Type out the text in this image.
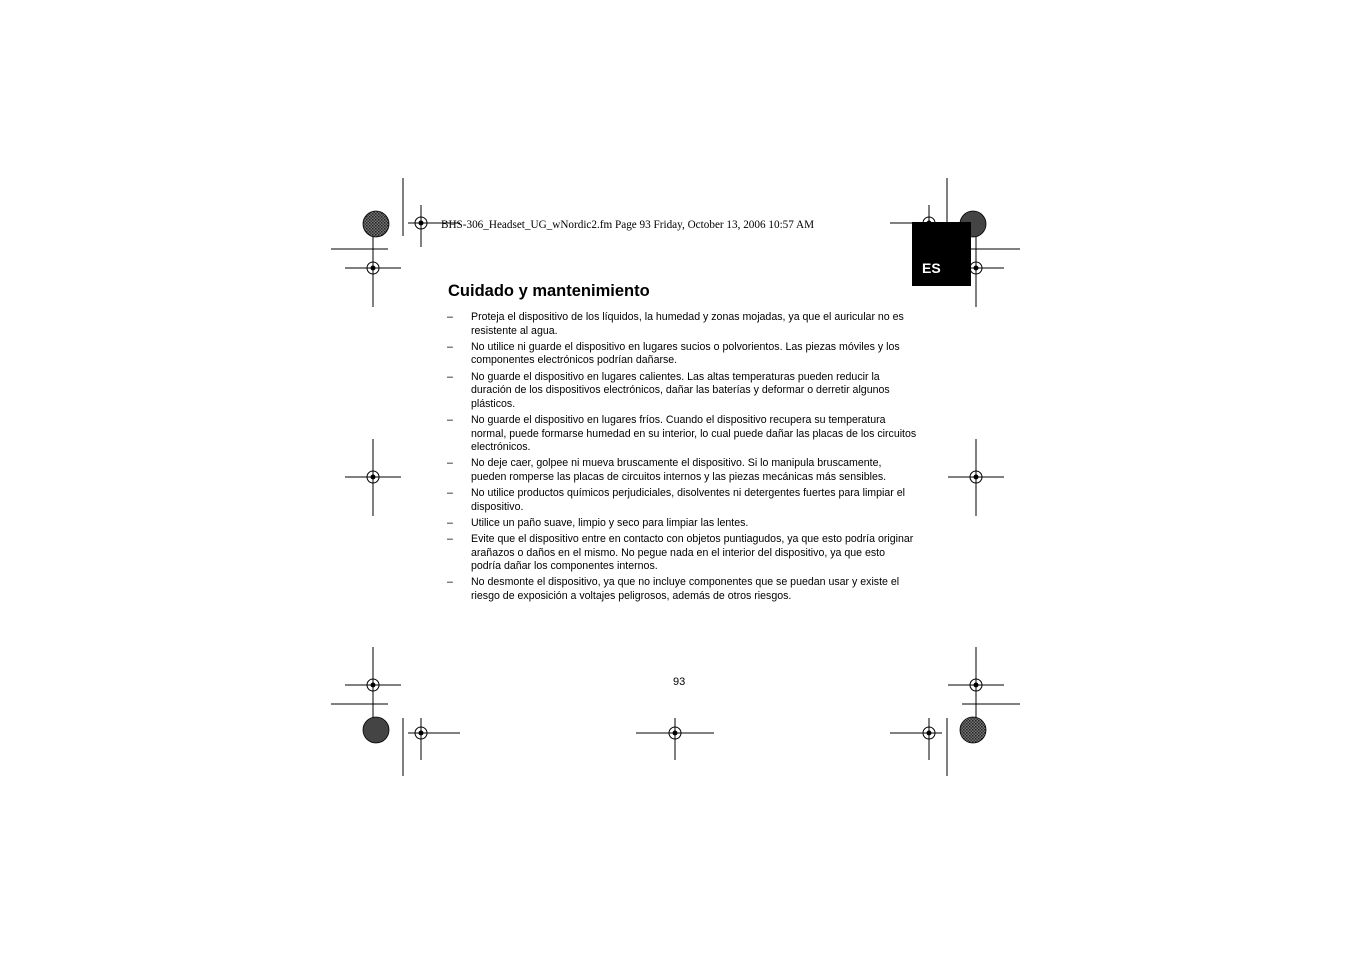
BHS-306_Headset_UG_wNordic2.fm Page 93 Friday, October 13, 2006 10:57 AM
ES
Cuidado y mantenimiento
– Proteja el dispositivo de los líquidos, la humedad y zonas mojadas, ya que el auricular no es resistente al agua.
– No utilice ni guarde el dispositivo en lugares sucios o polvorientos. Las piezas móviles y los componentes electrónicos podrían dañarse.
– No guarde el dispositivo en lugares calientes. Las altas temperaturas pueden reducir la duración de los dispositivos electrónicos, dañar las baterías y deformar o derretir algunos plásticos.
– No guarde el dispositivo en lugares fríos. Cuando el dispositivo recupera su temperatura normal, puede formarse humedad en su interior, lo cual puede dañar las placas de los circuitos electrónicos.
– No deje caer, golpee ni mueva bruscamente el dispositivo. Si lo manipula bruscamente, pueden romperse las placas de circuitos internos y las piezas mecánicas más sensibles.
– No utilice productos químicos perjudiciales, disolventes ni detergentes fuertes para limpiar el dispositivo.
– Utilice un paño suave, limpio y seco para limpiar las lentes.
– Evite que el dispositivo entre en contacto con objetos puntiagudos, ya que esto podría originar arañazos o daños en el mismo. No pegue nada en el interior del dispositivo, ya que esto podría dañar los componentes internos.
– No desmonte el dispositivo, ya que no incluye componentes que se puedan usar y existe el riesgo de exposición a voltajes peligrosos, además de otros riesgos.
93
